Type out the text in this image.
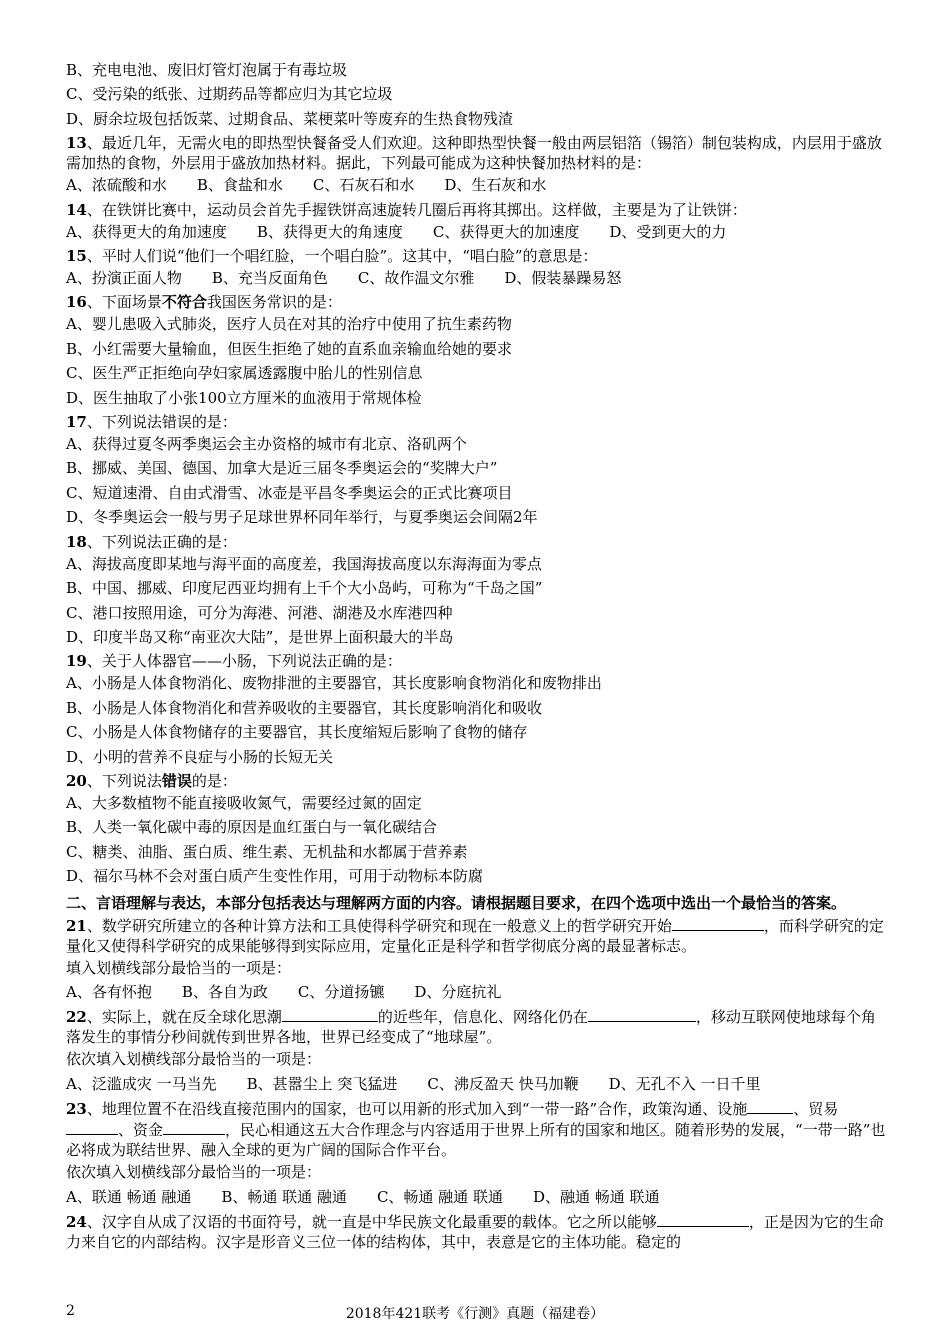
B、充电电池、废旧灯管灯泡属于有毒垃圾
C、受污染的纸张、过期药品等都应归为其它垃圾
D、厨余垃圾包括饭菜、过期食品、菜梗菜叶等废弃的生热食物残渣
13、最近几年，无需火电的即热型快餐备受人们欢迎。这种即热型快餐一般由两层铝箔（锡箔）制包装构成，内层用于盛放需加热的食物，外层用于盛放加热材料。据此，下列最可能成为这种快餐加热材料的是：
A、浓硫酸和水 B、食盐和水 C、石灰石和水 D、生石灰和水
14、在铁饼比赛中，运动员会首先手握铁饼高速旋转几圈后再将其掷出。这样做，主要是为了让铁饼：
A、获得更大的角加速度 B、获得更大的角速度 C、获得更大的加速度 D、受到更大的力
15、平时人们说“他们一个唱红脸，一个唱白脸”。这其中，“唱白脸”的意思是：
A、扮演正面人物 B、充当反面角色 C、故作温文尔雅 D、假装暴躁易怒
16、下面场景不符合我国医务常识的是：
A、婴儿患吸入式肺炎，医疗人员在对其的治疗中使用了抗生素药物
B、小红需要大量输血，但医生拒绝了她的直系血亲输血给她的要求
C、医生严正拒绝向孕妇家属透露腹中胎儿的性别信息
D、医生抽取了小张100立方厘米的血液用于常规体检
17、下列说法错误的是：
A、获得过夏冬两季奥运会主办资格的城市有北京、洛矶两个
B、挪威、美国、德国、加拿大是近三届冬季奥运会的“奖牌大户”
C、短道速滑、自由式滑雪、冰壶是平昌冬季奥运会的正式比赛项目
D、冬季奥运会一般与男子足球世界杯同年举行，与夏季奥运会间隔2年
18、下列说法正确的是：
A、海拔高度即某地与海平面的高度差，我国海拔高度以东海海面为零点
B、中国、挪威、印度尼西亚均拥有上千个大小岛屿，可称为“千岛之国”
C、港口按照用途，可分为海港、河港、湖港及水库港四种
D、印度半岛又称“南亚次大陆”，是世界上面积最大的半岛
19、关于人体器官——小肠，下列说法正确的是：
A、小肠是人体食物消化、废物排泄的主要器官，其长度影响食物消化和废物排出
B、小肠是人体食物消化和营养吸收的主要器官，其长度影响消化和吸收
C、小肠是人体食物储存的主要器官，其长度缩短后影响了食物的储存
D、小明的营养不良症与小肠的长短无关
20、下列说法错误的是：
A、大多数植物不能直接吸收氮气，需要经过氮的固定
B、人类一氧化碳中毒的原因是血红蛋白与一氧化碳结合
C、糖类、油脂、蛋白质、维生素、无机盐和水都属于营养素
D、福尔马林不会对蛋白质产生变性作用，可用于动物标本防腐
二、言语理解与表达，本部分包括表达与理解两方面的内容。请根据题目要求，在四个选项中选出一个最恰当的答案。
21、数学研究所建立的各种计算方法和工具使得科学研究和现在一般意义上的哲学研究开始	，而科学研究的定量化又使得科学研究的成果能够得到实际应用，定量化正是科学和哲学彻底分离的最显著标志。
填入划横线部分最恰当的一项是：
A、各有怀抱 B、各自为政 C、分道扬镳 D、分庭抗礼
22、实际上，就在反全球化思潮	的近些年，信息化、网络化仍在	，移动互联网使地球每个角落发生的事情分秒间就传到世界各地，世界已经变成了“地球屋”。
依次填入划横线部分最恰当的一项是：
A、泛滥成灾 一马当先 B、甚嚣尘上 突飞猛进 C、沸反盈天 快马加鞭 D、无孔不入 一日千里
23、地理位置不在沿线直接范围内的国家，也可以用新的形式加入到“一带一路”合作，政策沟通、设施	、贸易、资金	，民心相通这五大合作理念与内容适用于世界上所有的国家和地区。随着形势的发展，“一带一路”也必将成为联结世界、融入全球的更为广阔的国际合作平台。
依次填入划横线部分最恰当的一项是：
A、联通 畅通 融通 B、畅通 联通 融通 C、畅通 融通 联通 D、融通 畅通 联通
24、汉字自从成了汉语的书面符号，就一直是中华民族文化最重要的载体。它之所以能够	，正是因为它的生命力来自它的内部结构。汉字是形音义三位一体的结构体，其中，表意是它的主体功能。稳定的
2	2018年421联考《行测》真题（福建卷）
